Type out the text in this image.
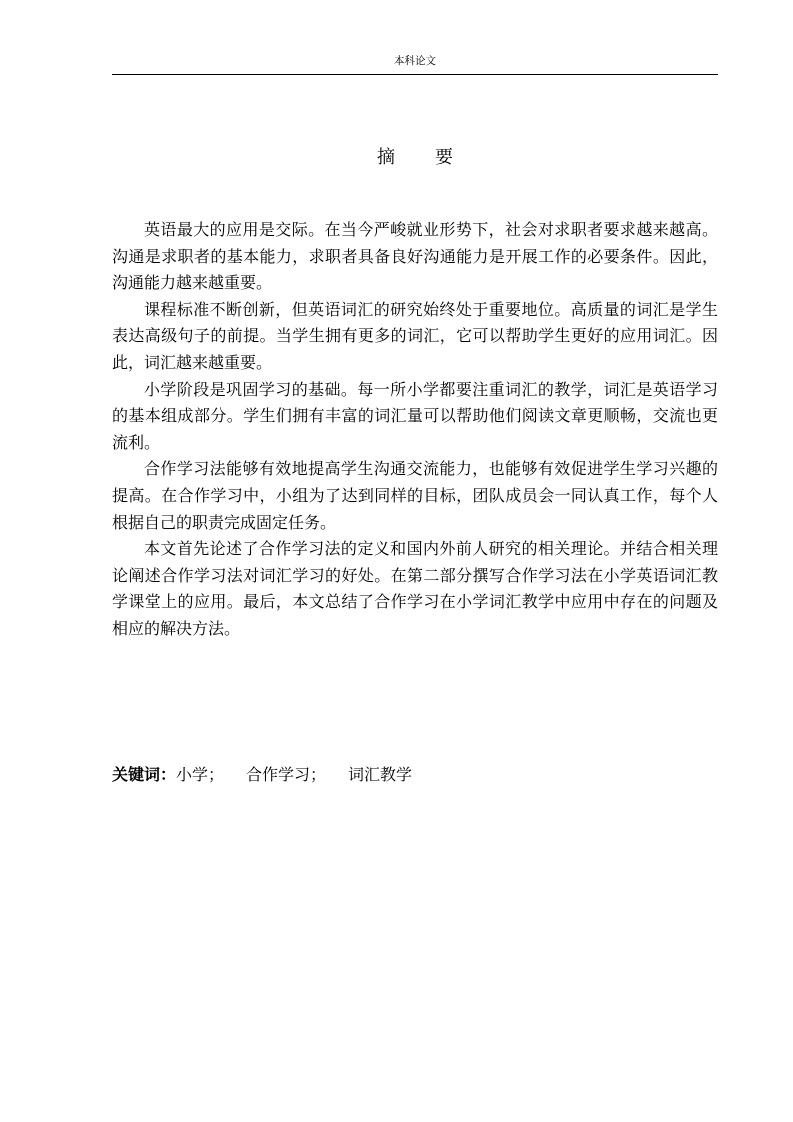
本科论文
摘要

英语最大的应用是交际。在当今严峻就业形势下，社会对求职者要求越来越高。沟通是求职者的基本能力，求职者具备良好沟通能力是开展工作的必要条件。因此，沟通能力越来越重要。

课程标准不断创新，但英语词汇的研究始终处于重要地位。高质量的词汇是学生表达高级句子的前提。当学生拥有更多的词汇，它可以帮助学生更好的应用词汇。因此，词汇越来越重要。

小学阶段是巩固学习的基础。每一所小学都要注重词汇的教学，词汇是英语学习的基本组成部分。学生们拥有丰富的词汇量可以帮助他们阅读文章更顺畅，交流也更流利。

合作学习法能够有效地提高学生沟通交流能力，也能够有效促进学生学习兴趣的提高。在合作学习中，小组为了达到同样的目标，团队成员会一同认真工作，每个人根据自己的职责完成固定任务。

本文首先论述了合作学习法的定义和国内外前人研究的相关理论。并结合相关理论阐述合作学习法对词汇学习的好处。在第二部分撰写合作学习法在小学英语词汇教学课堂上的应用。最后，本文总结了合作学习在小学词汇教学中应用中存在的问题及相应的解决方法。

关键词：小学； 合作学习； 词汇教学
